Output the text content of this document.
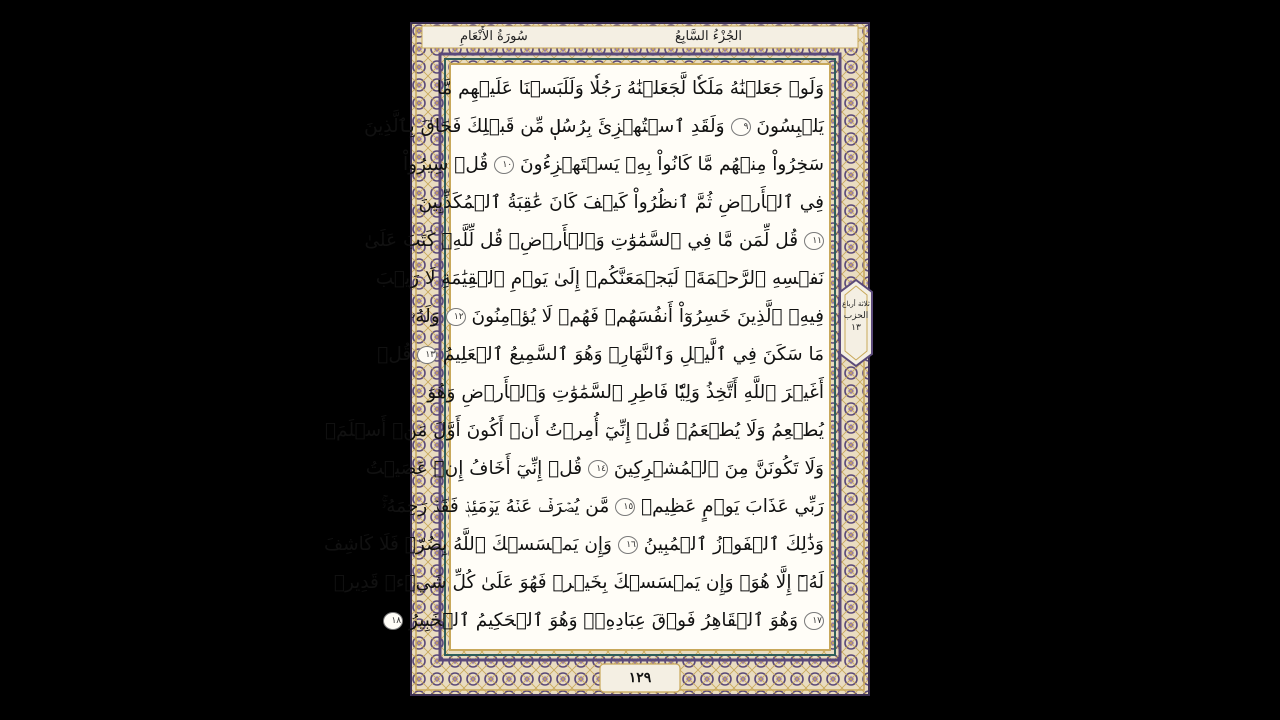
الجُزْءُ السَّابِعُ
سُورَةُ الأَنْعَامِ
وَلَوۡ جَعَلۡنَٰهُ مَلَكٗا لَّجَعَلۡنَٰهُ رَجُلٗا وَلَلَبَسۡنَا عَلَيۡهِم مَّا
يَلۡبِسُونَ ٩ وَلَقَدِ ٱسۡتُهۡزِئَ بِرُسُلٖ مِّن قَبۡلِكَ فَحَاقَ بِٱلَّذِينَ
سَخِرُواْ مِنۡهُم مَّا كَانُواْ بِهِۦ يَسۡتَهۡزِءُونَ ١٠ قُلۡ سِيرُواْ
فِي ٱلۡأَرۡضِ ثُمَّ ٱنظُرُواْ كَيۡفَ كَانَ عَٰقِبَةُ ٱلۡمُكَذِّبِينَ
١١ قُل لِّمَن مَّا فِي ٱلسَّمَٰوَٰتِ وَٱلۡأَرۡضِۖ قُل لِّلَّهِۚ كَتَبَ عَلَىٰ
نَفۡسِهِ ٱلرَّحۡمَةَۚ لَيَجۡمَعَنَّكُمۡ إِلَىٰ يَوۡمِ ٱلۡقِيَٰمَةِ لَا رَيۡبَ
فِيهِۚ ٱلَّذِينَ خَسِرُوٓاْ أَنفُسَهُمۡ فَهُمۡ لَا يُؤۡمِنُونَ ١٢ وَلَهُۥ
مَا سَكَنَ فِي ٱلَّيۡلِ وَٱلنَّهَارِۚ وَهُوَ ٱلسَّمِيعُ ٱلۡعَلِيمُ ١٣ قُلۡ
أَغَيۡرَ ٱللَّهِ أَتَّخِذُ وَلِيّٗا فَاطِرِ ٱلسَّمَٰوَٰتِ وَٱلۡأَرۡضِ وَهُوَ
يُطۡعِمُ وَلَا يُطۡعَمُۗ قُلۡ إِنِّيٓ أُمِرۡتُ أَنۡ أَكُونَ أَوَّلَ مَنۡ أَسۡلَمَۖ
وَلَا تَكُونَنَّ مِنَ ٱلۡمُشۡرِكِينَ ١٤ قُلۡ إِنِّيٓ أَخَافُ إِنۡ عَصَيۡتُ
رَبِّي عَذَابَ يَوۡمٍ عَظِيمٖ ١٥ مَّن يُصۡرَفۡ عَنۡهُ يَوۡمَئِذٖ فَقَدۡ رَحِمَهُۥۚ
وَذَٰلِكَ ٱلۡفَوۡزُ ٱلۡمُبِينُ ١٦ وَإِن يَمۡسَسۡكَ ٱللَّهُ بِضُرّٖ فَلَا كَاشِفَ
لَهُۥٓ إِلَّا هُوَۖ وَإِن يَمۡسَسۡكَ بِخَيۡرٖ فَهُوَ عَلَىٰ كُلِّ شَيۡءٖ قَدِيرٞ
١٧ وَهُوَ ٱلۡقَاهِرُ فَوۡقَ عِبَادِهِۦۚ وَهُوَ ٱلۡحَكِيمُ ٱلۡخَبِيرُ ١٨
ثلاثة أرباع
الحزب
١٣
١٢٩
